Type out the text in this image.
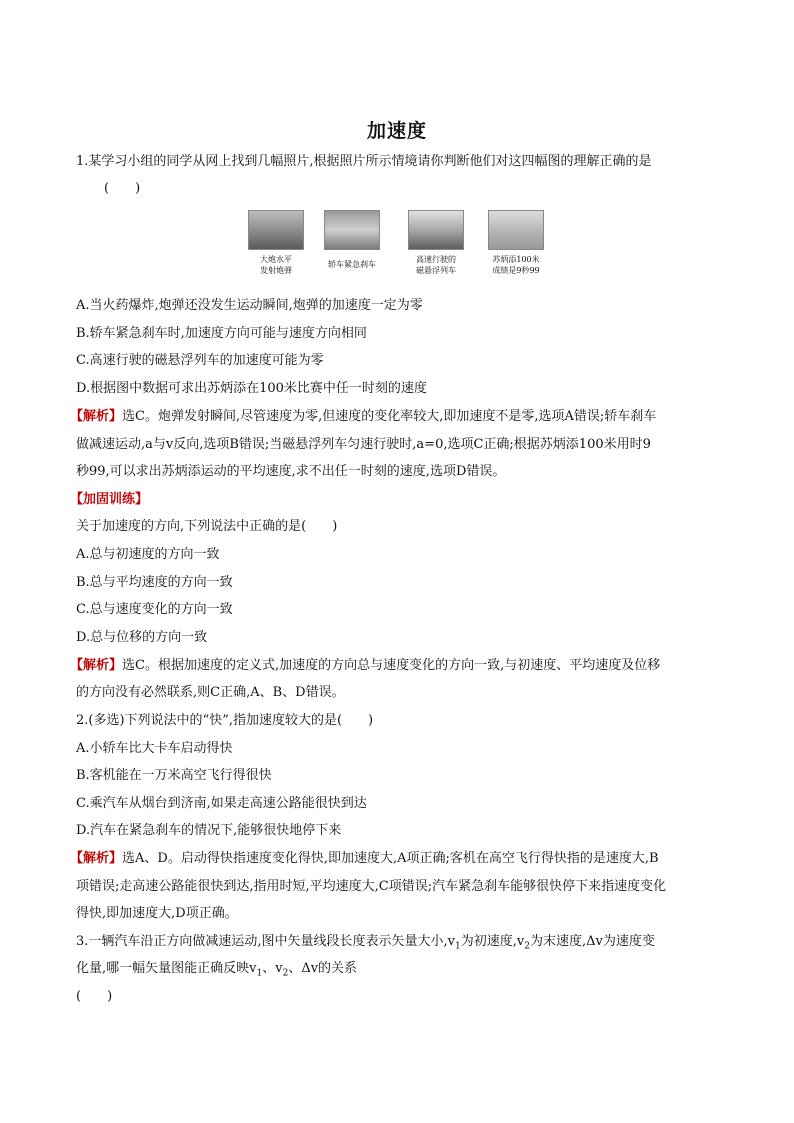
加速度
1.某学习小组的同学从网上找到几幅照片,根据照片所示情境请你判断他们对这四幅图的理解正确的是
(　　)
大炮水平
发射炮弹
轿车紧急刹车
高速行驶的
磁悬浮列车
苏炳添100米
成绩是9秒99
A.当火药爆炸,炮弹还没发生运动瞬间,炮弹的加速度一定为零
B.轿车紧急刹车时,加速度方向可能与速度方向相同
C.高速行驶的磁悬浮列车的加速度可能为零
D.根据图中数据可求出苏炳添在100米比赛中任一时刻的速度
【解析】选C。炮弹发射瞬间,尽管速度为零,但速度的变化率较大,即加速度不是零,选项A错误;轿车刹车
做减速运动,a与v反向,选项B错误;当磁悬浮列车匀速行驶时,a=0,选项C正确;根据苏炳添100米用时9
秒99,可以求出苏炳添运动的平均速度,求不出任一时刻的速度,选项D错误。
【加固训练】
关于加速度的方向,下列说法中正确的是(　　)
A.总与初速度的方向一致
B.总与平均速度的方向一致
C.总与速度变化的方向一致
D.总与位移的方向一致
【解析】选C。根据加速度的定义式,加速度的方向总与速度变化的方向一致,与初速度、平均速度及位移
的方向没有必然联系,则C正确,A、B、D错误。
2.(多选)下列说法中的“快”,指加速度较大的是(　　)
A.小轿车比大卡车启动得快
B.客机能在一万米高空飞行得很快
C.乘汽车从烟台到济南,如果走高速公路能很快到达
D.汽车在紧急刹车的情况下,能够很快地停下来
【解析】选A、D。启动得快指速度变化得快,即加速度大,A项正确;客机在高空飞行得快指的是速度大,B
项错误;走高速公路能很快到达,指用时短,平均速度大,C项错误;汽车紧急刹车能够很快停下来指速度变化
得快,即加速度大,D项正确。
3.一辆汽车沿正方向做减速运动,图中矢量线段长度表示矢量大小$,v_1$为初速度$,v_2$为末速度,Δv为速度变
化量,哪一幅矢量图能正确反映$v_1$、$v_2$、Δv的关系
(　　)
